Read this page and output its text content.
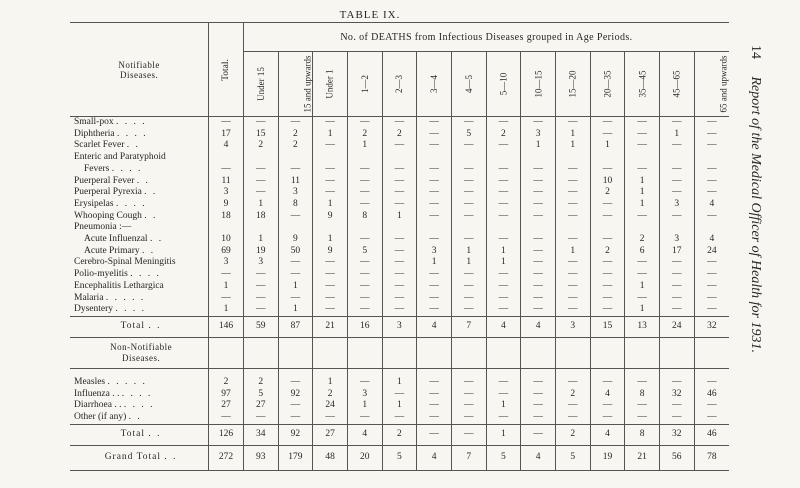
TABLE IX.
14 Report of the Medical Officer of Health for 1931.
Notifiable
Diseases.	Total.	No. of DEATHS from Infectious Diseases grouped in Age Periods.													
		Under 15	15 and upwards	Under 1	1—2	2—3	3—4	4—5	5—10	10—15	15—20	20—35	35—45	45—65	65 and upwards
Small-pox . . . .	—	—	—	—	—	—	—	—	—	—	—	—	—	—	—
Diphtheria . . . .	17	15	2	1	2	2	—	5	2	3	1	—	—	1	—
Scarlet Fever . .	4	2	2	—	1	—	—	—	—	1	1	1	—	—	—
Enteric and Paratyphoid															
Fevers . . . .	—	—	—	—	—	—	—	—	—	—	—	—	—	—	—
Puerperal Fever . .	11	—	11	—	—	—	—	—	—	—	—	10	1	—	—
Puerperal Pyrexia . .	3	—	3	—	—	—	—	—	—	—	—	2	1	—	—
Erysipelas . . . .	9	1	8	1	—	—	—	—	—	—	—	—	1	3	4
Whooping Cough . .	18	18	—	9	8	1	—	—	—	—	—	—	—	—	—
Pneumonia :—															
Acute Influenzal . .	10	1	9	1	—	—	—	—	—	—	—	—	2	3	4
Acute Primary . .	69	19	50	9	5	—	3	1	1	—	1	2	6	17	24
Cerebro-Spinal Meningitis	3	3	—	—	—	—	1	1	1	—	—	—	—	—	—
Polio-myelitis . . . .	—	—	—	—	—	—	—	—	—	—	—	—	—	—	—
Encephalitis Lethargica	1	—	1	—	—	—	—	—	—	—	—	—	1	—	—
Malaria . . . . .	—	—	—	—	—	—	—	—	—	—	—	—	—	—	—
Dysentery . . . .	1	—	1	—	—	—	—	—	—	—	—	—	1	—	—
Total . .	146	59	87	21	16	3	4	7	4	4	3	15	13	24	32
Non-Notifiable
Diseases.															

Measles . . . . .	2	2	—	1	—	1	—	—	—	—	—	—	—	—	—
Influenza . . . . . .	97	5	92	2	3	—	—	—	—	—	2	4	8	32	46
Diarrhoea . . . . . .	27	27	—	24	1	1	—	—	1	—	—	—	—	—	—
Other (if any) . .	—	—	—	—	—	—	—	—	—	—	—	—	—	—	—
Total . .	126	34	92	27	4	2	—	—	1	—	2	4	8	32	46
Grand Total . .	272	93	179	48	20	5	4	7	5	4	5	19	21	56	78
